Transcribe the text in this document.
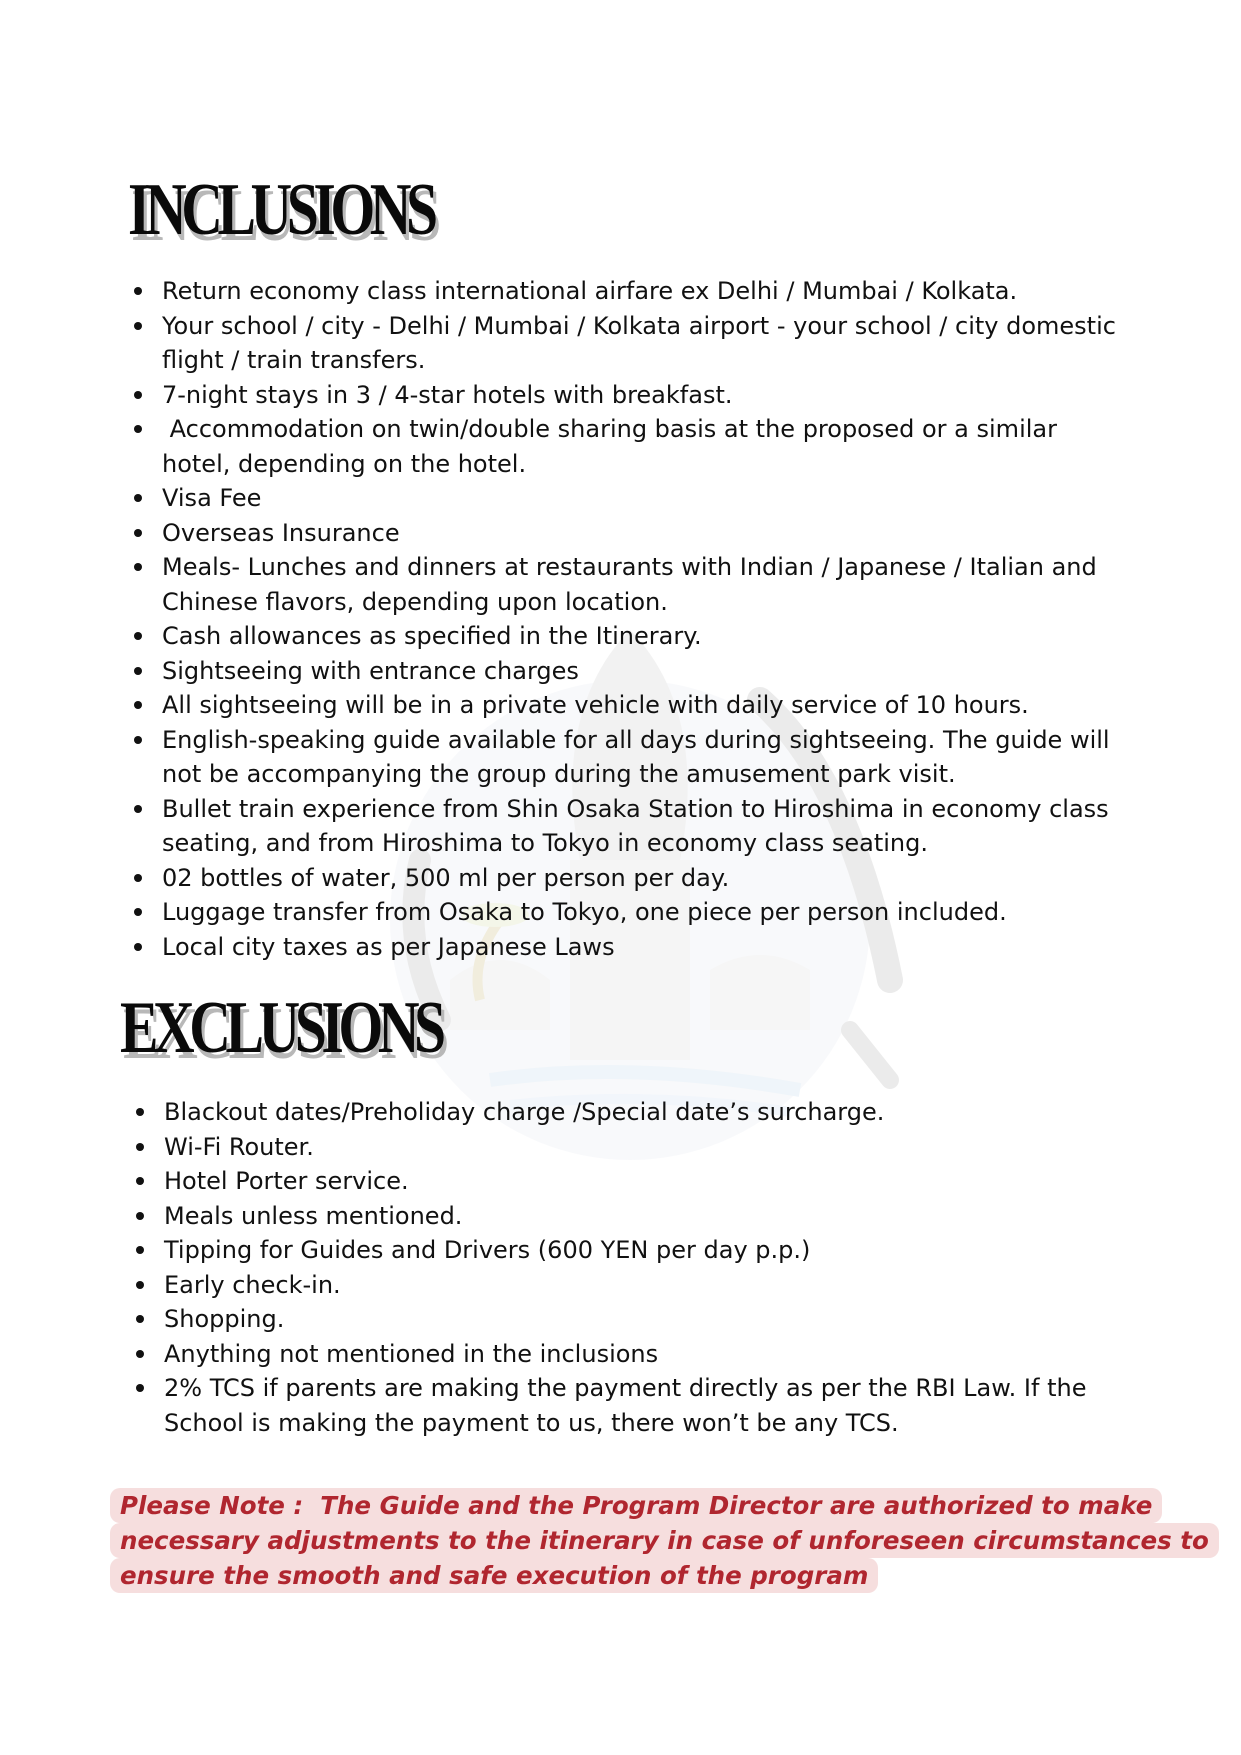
INCLUSIONS
Return economy class international airfare ex Delhi / Mumbai / Kolkata.
Your school / city - Delhi / Mumbai / Kolkata airport - your school / city domestic flight / train transfers.
7-night stays in 3 / 4-star hotels with breakfast.
Accommodation on twin/double sharing basis at the proposed or a similar hotel, depending on the hotel.
Visa Fee
Overseas Insurance
Meals- Lunches and dinners at restaurants with Indian / Japanese / Italian and Chinese flavors, depending upon location.
Cash allowances as specified in the Itinerary.
Sightseeing with entrance charges
All sightseeing will be in a private vehicle with daily service of 10 hours.
English-speaking guide available for all days during sightseeing. The guide will not be accompanying the group during the amusement park visit.
Bullet train experience from Shin Osaka Station to Hiroshima in economy class seating, and from Hiroshima to Tokyo in economy class seating.
02 bottles of water, 500 ml per person per day.
Luggage transfer from Osaka to Tokyo, one piece per person included.
Local city taxes as per Japanese Laws
EXCLUSIONS
Blackout dates/Preholiday charge /Special date’s surcharge.
Wi-Fi Router.
Hotel Porter service.
Meals unless mentioned.
Tipping for Guides and Drivers (600 YEN per day p.p.)
Early check-in.
Shopping.
Anything not mentioned in the inclusions
2% TCS if parents are making the payment directly as per the RBI Law. If the School is making the payment to us, there won’t be any TCS.
Please Note :  The Guide and the Program Director are authorized to make
necessary adjustments to the itinerary in case of unforeseen circumstances to
ensure the smooth and safe execution of the program
